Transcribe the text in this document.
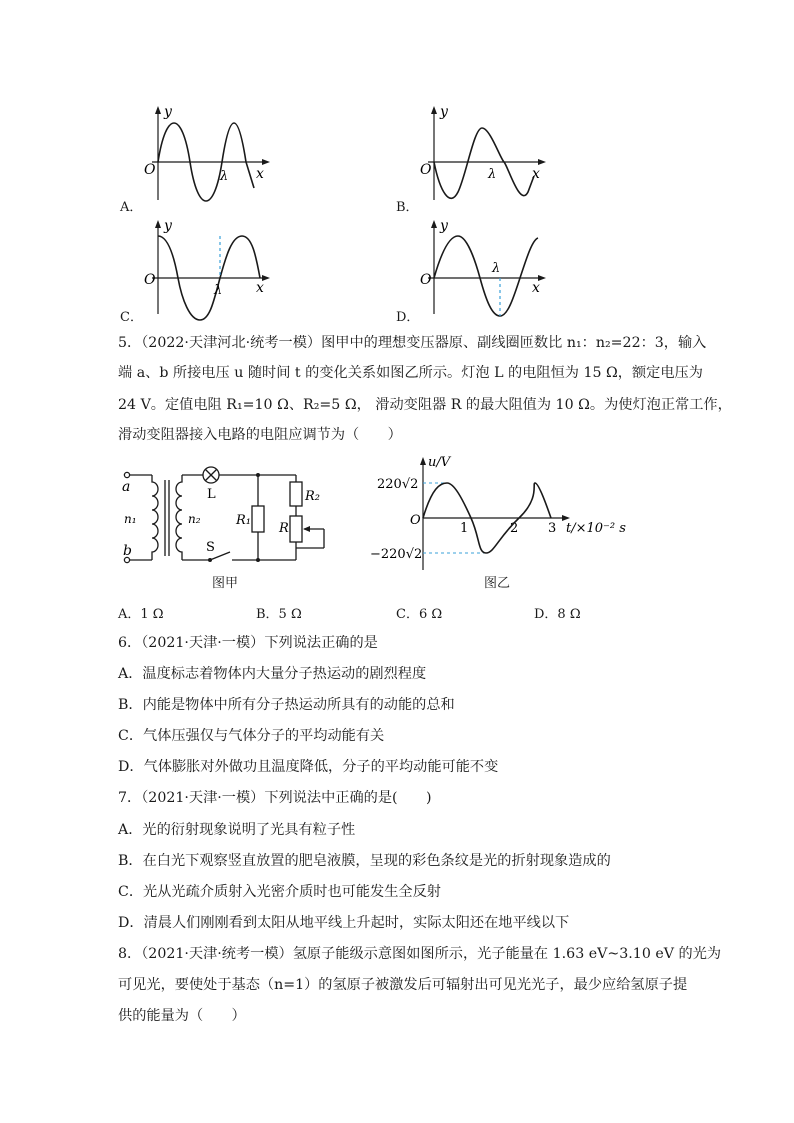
A．
y
O	x
λ
B．
y
O	x
λ
C．
y
O	x
λ
D．
y
O	x
λ
5．（2022·天津河北·统考一模）图甲中的理想变压器原、副线圈匝数比 n₁：n₂=22：3，输入
端 a、b 所接电压 u 随时间 t 的变化关系如图乙所示。灯泡 L 的电阻恒为 15 Ω，额定电压为
24 V。定值电阻 R₁=10 Ω、R₂=5 Ω， 滑动变阻器 R 的最大阻值为 10 Ω。为使灯泡正常工作，
滑动变阻器接入电路的电阻应调节为（　　）
a
b
n₁	n₂
L
S
R₁
R₂
R
图甲
u/V
220√2
−220√2
O
1	2 3 t/×10⁻² s
图乙
A．1 Ω	B．5 Ω	C．6 Ω	D．8 Ω
6．（2021·天津·一模）下列说法正确的是
A．温度标志着物体内大量分子热运动的剧烈程度
B．内能是物体中所有分子热运动所具有的动能的总和
C．气体压强仅与气体分子的平均动能有关
D．气体膨胀对外做功且温度降低，分子的平均动能可能不变
7．（2021·天津·一模）下列说法中正确的是(　　)
A．光的衍射现象说明了光具有粒子性
B．在白光下观察竖直放置的肥皂液膜，呈现的彩色条纹是光的折射现象造成的
C．光从光疏介质射入光密介质时也可能发生全反射
D．清晨人们刚刚看到太阳从地平线上升起时，实际太阳还在地平线以下
8．（2021·天津·统考一模）氢原子能级示意图如图所示，光子能量在 1.63 eV~3.10 eV 的光为
可见光，要使处于基态（n=1）的氢原子被激发后可辐射出可见光光子，最少应给氢原子提
供的能量为（　　）
